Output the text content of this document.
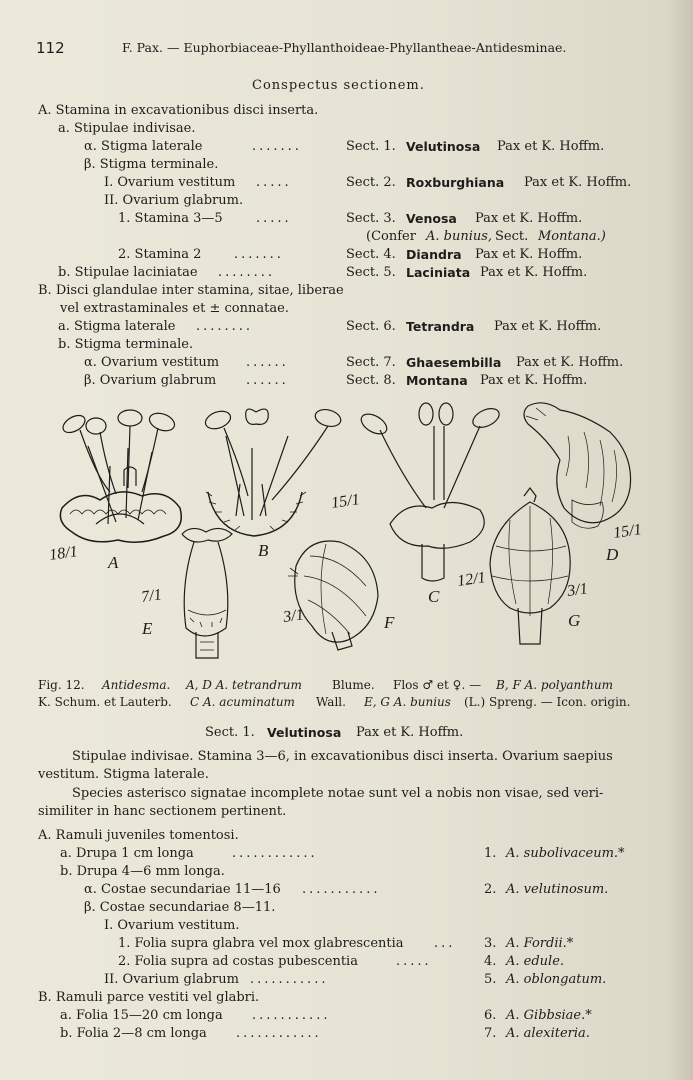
112	F. Pax. — Euphorbiaceae-Phyllanthoideae-Phyllantheae-Antidesminae.
Conspectus sectionem.
A. Stamina in excavationibus disci inserta.
a. Stipulae indivisae.
α. Stigma laterale	.......	Sect. 1. Velutinosa Pax et K. Hoffm.
β. Stigma terminale.
I. Ovarium vestitum .....	Sect. 2. Roxburghiana Pax et K. Hoffm.
II. Ovarium glabrum.
1. Stamina 3—5	.....	Sect. 3. Venosa Pax et K. Hoffm.
(Confer A. bunius, Sect. Montana.)
2. Stamina 2	.......	Sect. 4. Diandra Pax et K. Hoffm.
b. Stipulae laciniatae ........	Sect. 5. Laciniata Pax et K. Hoffm.
B. Disci glandulae inter stamina, sitae, liberae
vel extrastaminales et ± connatae.
a. Stigma laterale ........	Sect. 6. Tetrandra Pax et K. Hoffm.
b. Stigma terminale.
α. Ovarium vestitum ......	Sect. 7. Ghaesembilla Pax et K. Hoffm.
β. Ovarium glabrum ......	Sect. 8. Montana Pax et K. Hoffm.
A
B
C
D
E	F	G
18/1
15/1
12/1
15/1
7/1
3/1
3/1
Fig. 12. Antidesma. A, D A. tetrandrum	Blume. Flos ♂ et ♀. — B, F A. polyanthum
K. Schum. et Lauterb. C A. acuminatum Wall. E, G A. bunius (L.) Spreng. — Icon. origin.
Sect. 1. Velutinosa Pax et K. Hoffm.
Stipulae indivisae. Stamina 3—6, in excavationibus disci inserta. Ovarium saepius
vestitum. Stigma laterale.
Species asterisco signatae incomplete notae sunt vel a nobis non visae, sed veri-
similiter in hanc sectionem pertinent.
A. Ramuli juveniles tomentosi.
a. Drupa 1 cm longa	............	1. A. subolivaceum.*
b. Drupa 4—6 mm longa.
α. Costae secundariae 11—16 ...........	2. A. velutinosum.
β. Costae secundariae 8—11.
I. Ovarium vestitum.
1. Folia supra glabra vel mox glabrescentia ... 3. A. Fordii.*
2. Folia supra ad costas pubescentia	.....	4. A. edule.
II. Ovarium glabrum ...........	5. A. oblongatum.
B. Ramuli parce vestiti vel glabri.
a. Folia 15—20 cm longa ...........	6. A. Gibbsiae.*
b. Folia 2—8 cm longa ............	7. A. alexiteria.
